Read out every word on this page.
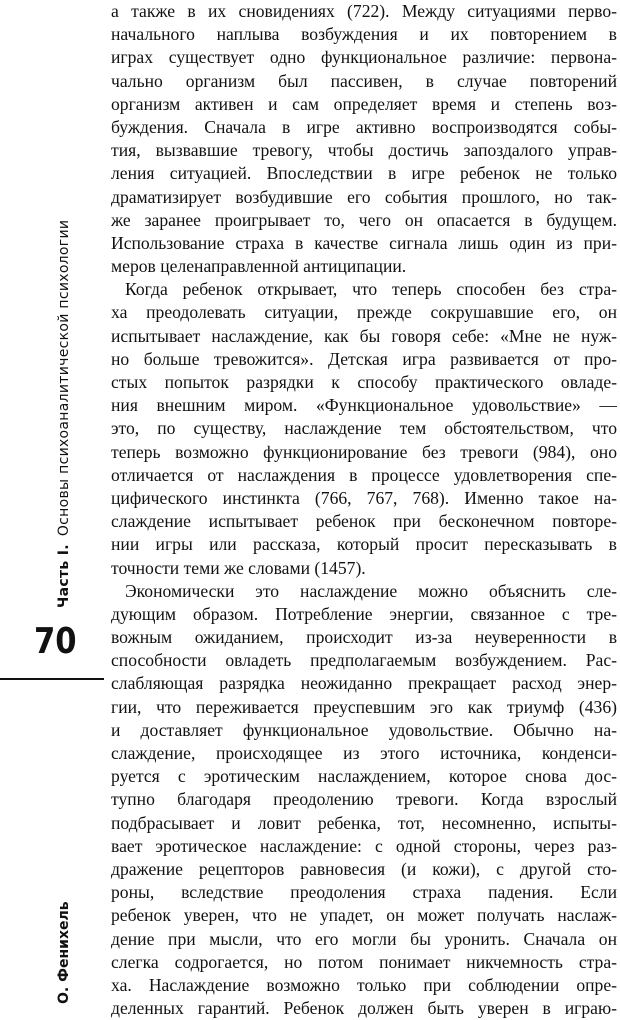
Часть I.Основы психоаналитической психологии
70
О. Фенихель
а также в их сновидениях (722). Между ситуациями перво-
начального наплыва возбуждения и их повторением в
играх существует одно функциональное различие: первона-
чально организм был пассивен, в случае повторений
организм активен и сам определяет время и степень воз-
буждения. Сначала в игре активно воспроизводятся собы-
тия, вызвавшие тревогу, чтобы достичь запоздалого управ-
ления ситуацией. Впоследствии в игре ребенок не только
драматизирует возбудившие его события прошлого, но так-
же заранее проигрывает то, чего он опасается в будущем.
Использование страха в качестве сигнала лишь один из при-
меров целенаправленной антиципации.
Когда ребенок открывает, что теперь способен без стра-
ха преодолевать ситуации, прежде сокрушавшие его, он
испытывает наслаждение, как бы говоря себе: «Мне не нуж-
но больше тревожится». Детская игра развивается от про-
стых попыток разрядки к способу практического овладе-
ния внешним миром. «Функциональное удовольствие» —
это, по существу, наслаждение тем обстоятельством, что
теперь возможно функционирование без тревоги (984), оно
отличается от наслаждения в процессе удовлетворения спе-
цифического инстинкта (766, 767, 768). Именно такое на-
слаждение испытывает ребенок при бесконечном повторе-
нии игры или рассказа, который просит пересказывать в
точности теми же словами (1457).
Экономически это наслаждение можно объяснить сле-
дующим образом. Потребление энергии, связанное с тре-
вожным ожиданием, происходит из-за неуверенности в
способности овладеть предполагаемым возбуждением. Рас-
слабляющая разрядка неожиданно прекращает расход энер-
гии, что переживается преуспевшим эго как триумф (436)
и доставляет функциональное удовольствие. Обычно на-
слаждение, происходящее из этого источника, конденси-
руется с эротическим наслаждением, которое снова дос-
тупно благодаря преодолению тревоги. Когда взрослый
подбрасывает и ловит ребенка, тот, несомненно, испыты-
вает эротическое наслаждение: с одной стороны, через раз-
дражение рецепторов равновесия (и кожи), с другой сто-
роны, вследствие преодоления страха падения. Если
ребенок уверен, что не упадет, он может получать наслаж-
дение при мысли, что его могли бы уронить. Сначала он
слегка содрогается, но потом понимает никчемность стра-
ха. Наслаждение возможно только при соблюдении опре-
деленных гарантий. Ребенок должен быть уверен в играю-
